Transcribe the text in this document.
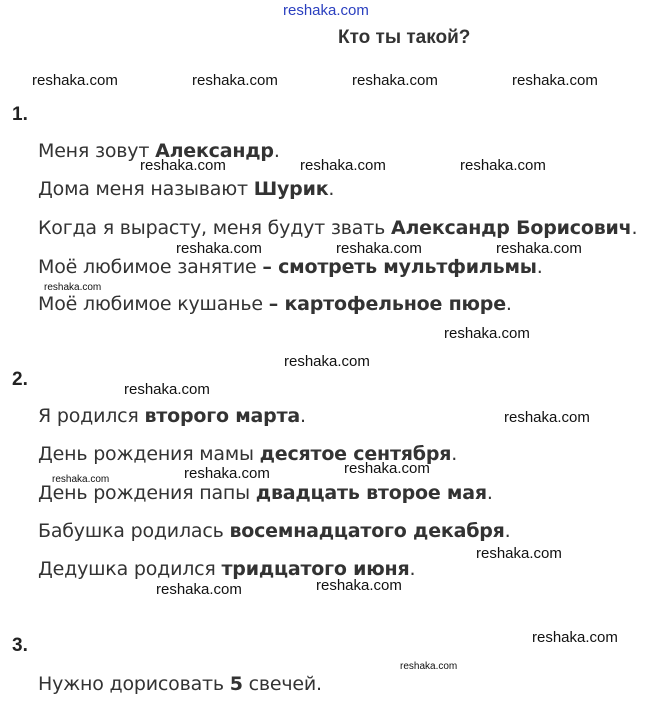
reshaka.com
Кто ты такой?
reshaka.com	reshaka.com	reshaka.com	reshaka.com
1.
Меня зовут Александр.
reshaka.com	reshaka.com	reshaka.com
Дома меня называют Шурик.
Когда я вырасту, меня будут звать Александр Борисович.
reshaka.com	reshaka.com	reshaka.com
Моё любимое занятие – смотреть мультфильмы.
reshaka.com
Моё любимое кушанье – картофельное пюре.
reshaka.com
reshaka.com
2.	reshaka.com
Я родился второго марта.	reshaka.com
День рождения мамы десятое сентября.
reshaka.com
reshaka.com
reshaka.com
День рождения папы двадцать второе мая.
Бабушка родилась восемнадцатого декабря.
reshaka.com
Дедушка родился тридцатого июня.
reshaka.com
reshaka.com
reshaka.com
3.
reshaka.com
Нужно дорисовать 5 свечей.
